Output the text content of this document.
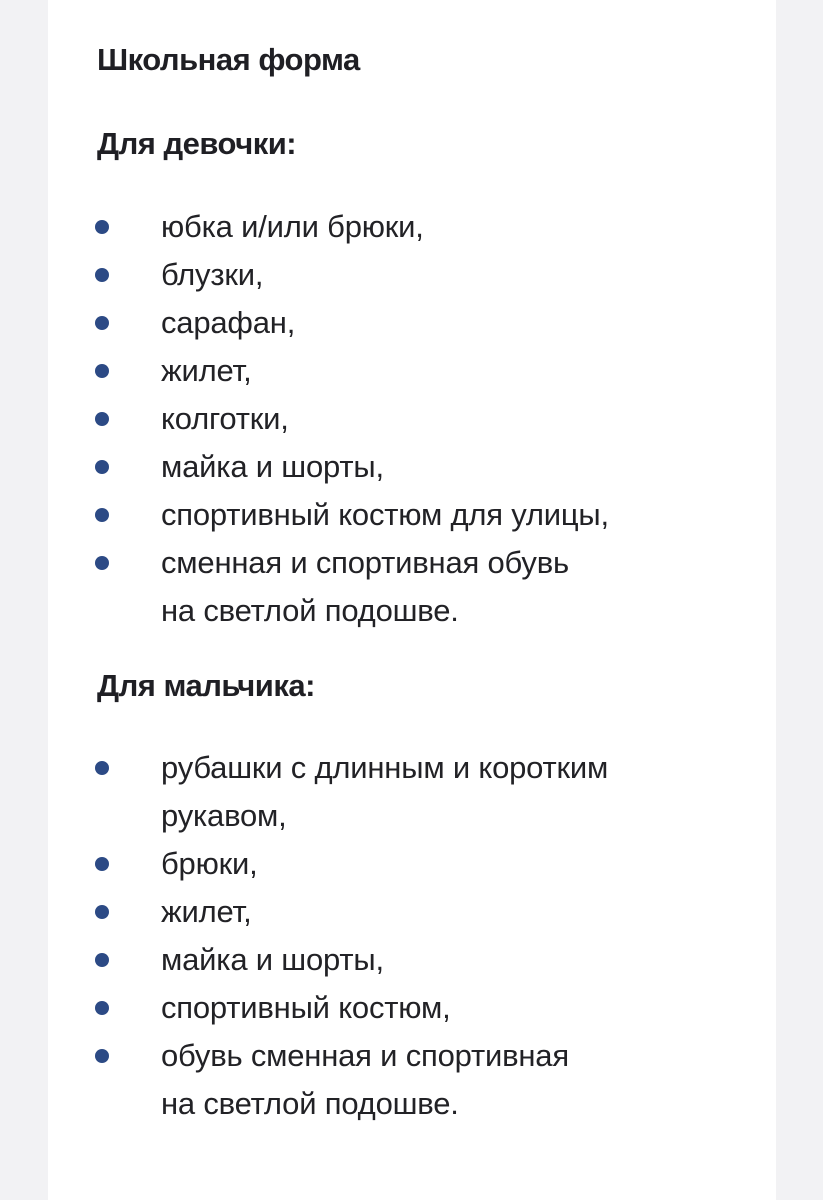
Школьная форма
Для девочки:
юбка и/или брюки,
блузки,
сарафан,
жилет,
колготки,
майка и шорты,
спортивный костюм для улицы,
сменная и спортивная обувь
на светлой подошве.
Для мальчика:
рубашки с длинным и коротким
рукавом,
брюки,
жилет,
майка и шорты,
спортивный костюм,
обувь сменная и спортивная
на светлой подошве.
